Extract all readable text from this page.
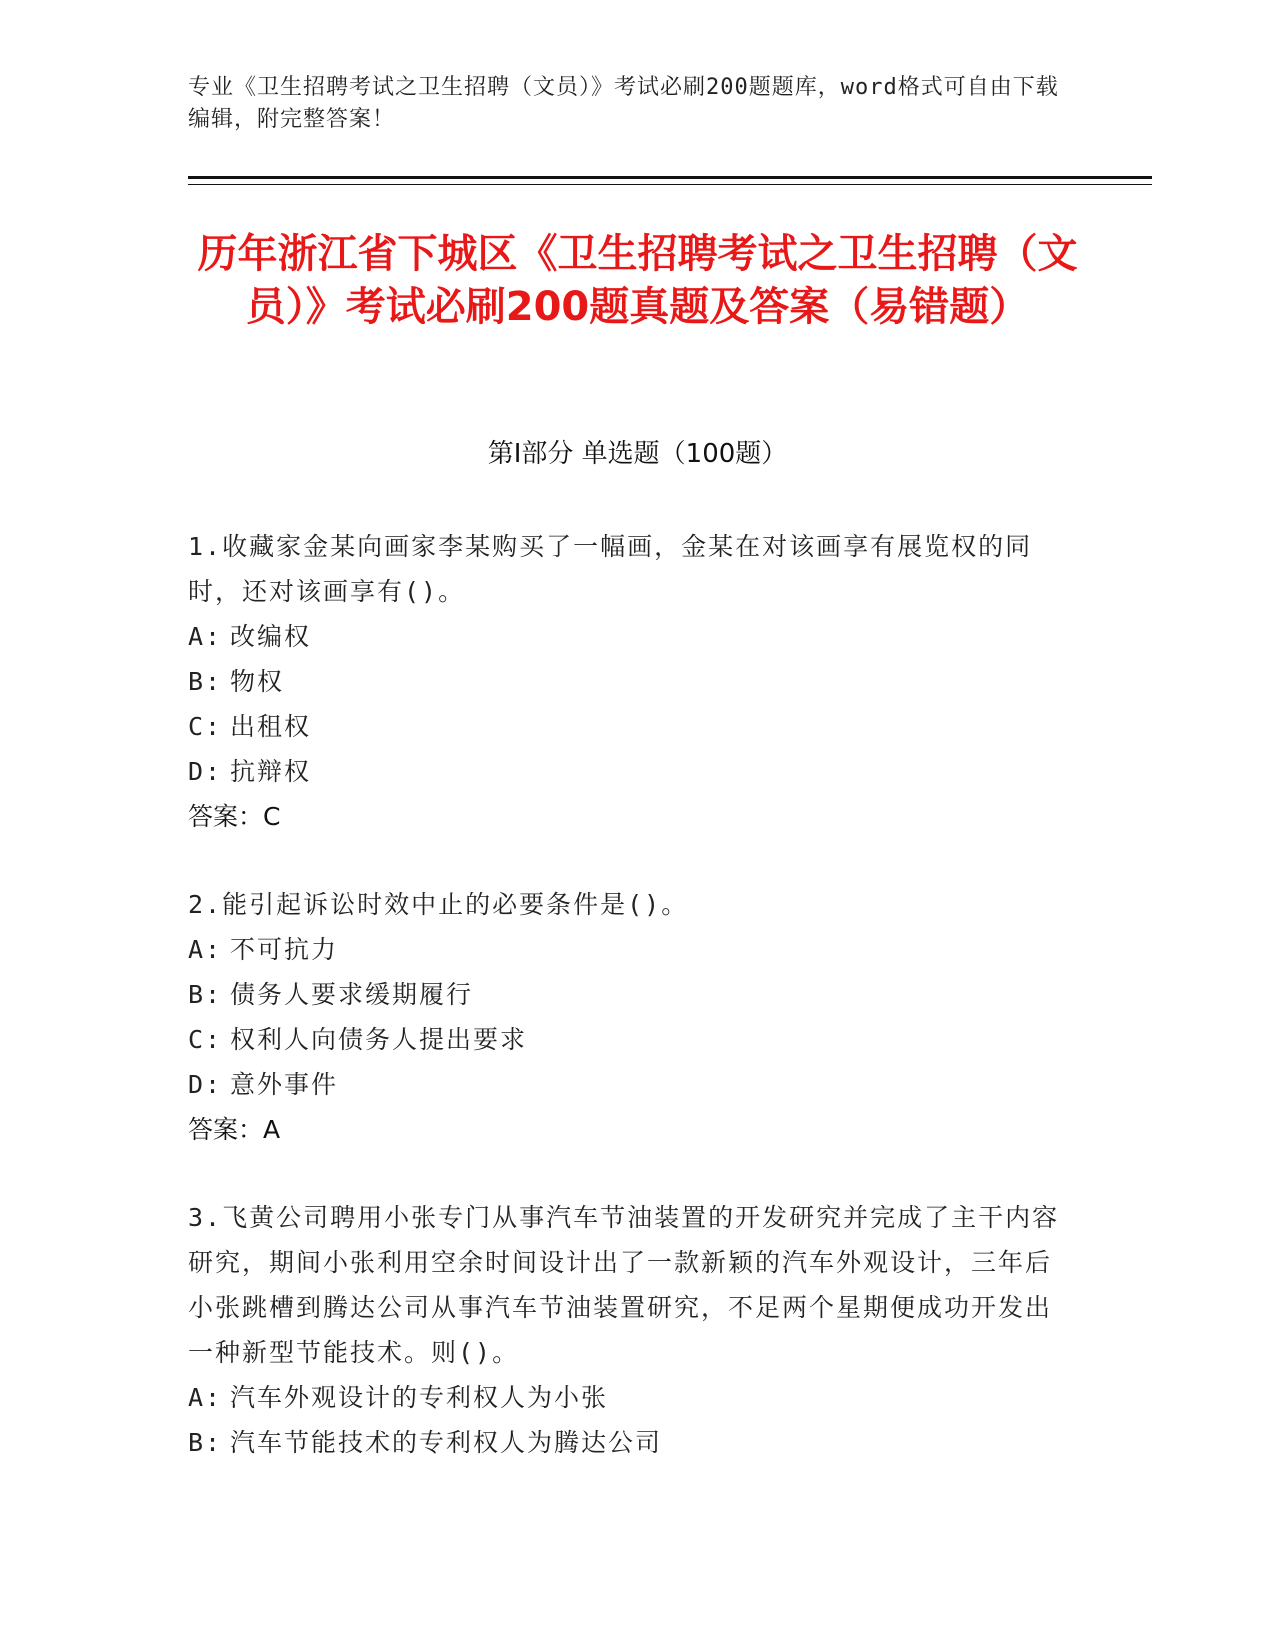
专业《卫生招聘考试之卫生招聘（文员）》考试必刷200题题库，word格式可自由下载编辑，附完整答案！
历年浙江省下城区《卫生招聘考试之卫生招聘（文员）》考试必刷200题真题及答案（易错题）
第Ⅰ部分 单选题（100题）
1.收藏家金某向画家李某购买了一幅画，金某在对该画享有展览权的同时，还对该画享有()。
A: 改编权
B: 物权
C: 出租权
D: 抗辩权
答案：C
2.能引起诉讼时效中止的必要条件是()。
A: 不可抗力
B: 债务人要求缓期履行
C: 权利人向债务人提出要求
D: 意外事件
答案：A
3.飞黄公司聘用小张专门从事汽车节油装置的开发研究并完成了主干内容研究，期间小张利用空余时间设计出了一款新颖的汽车外观设计，三年后小张跳槽到腾达公司从事汽车节油装置研究，不足两个星期便成功开发出一种新型节能技术。则()。
A: 汽车外观设计的专利权人为小张
B: 汽车节能技术的专利权人为腾达公司
